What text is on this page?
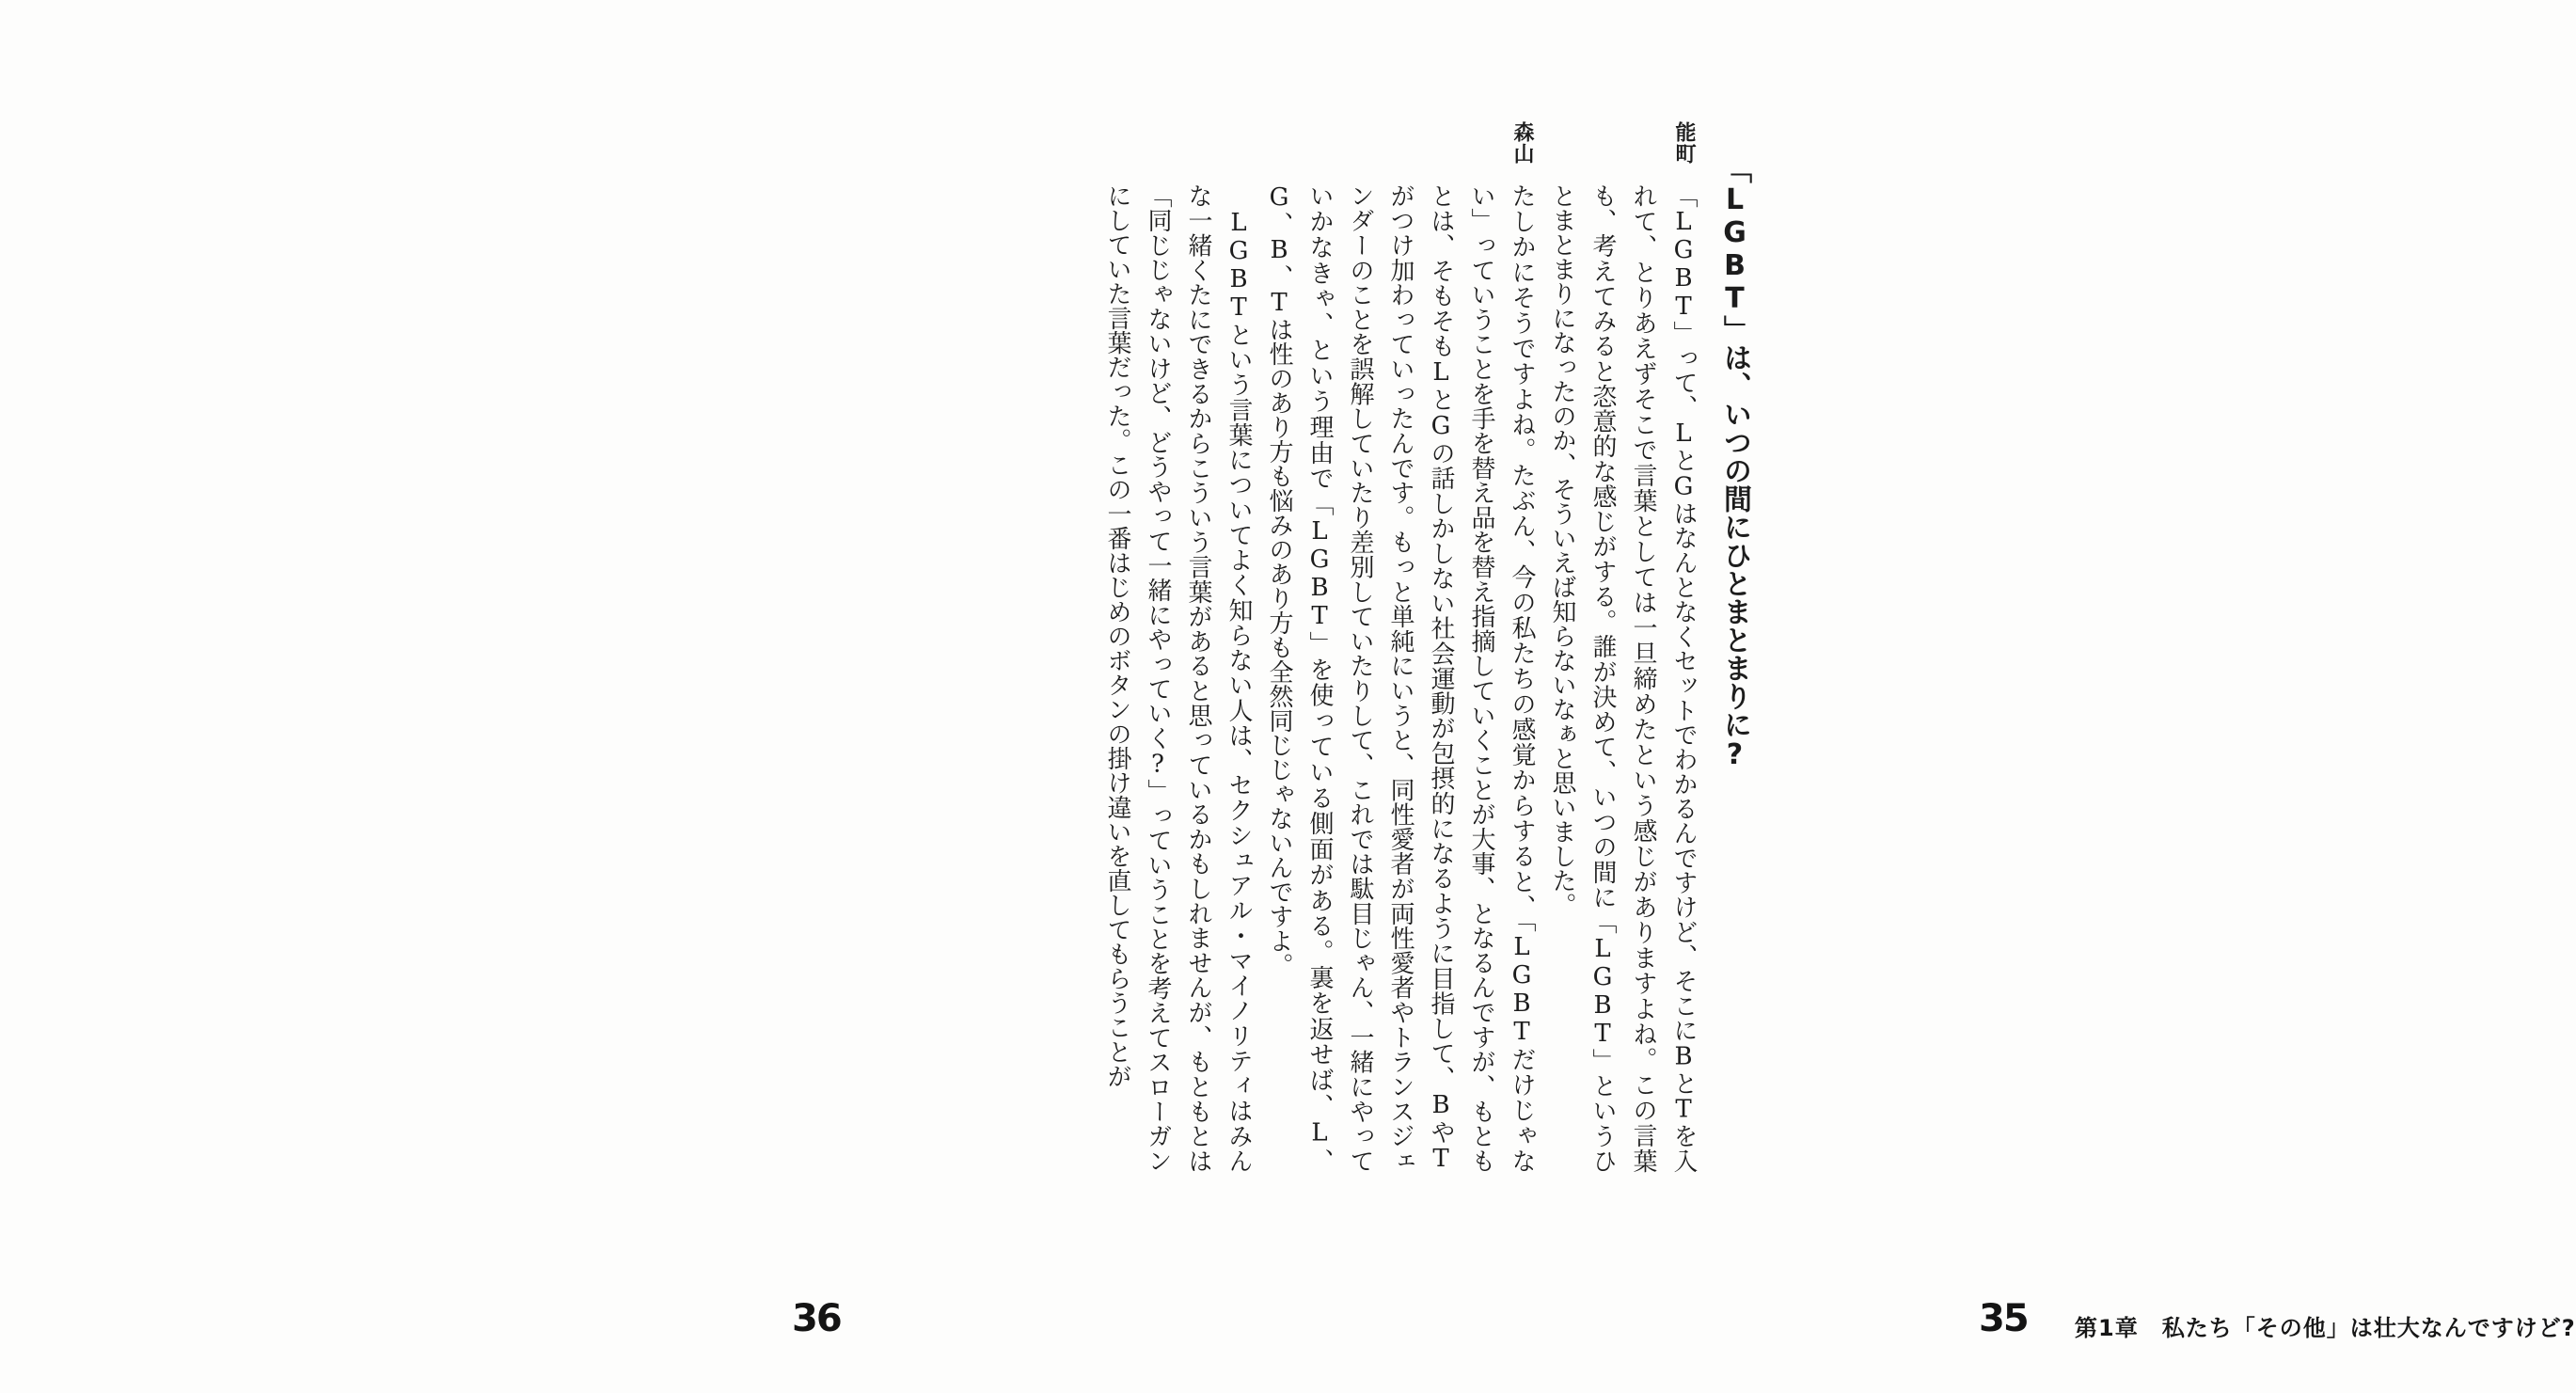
「LGBT」は、いつの間にひとまとまりに?
能町

「LGBT」って、LとGはなんとなくセットでわかるんですけど、そこにBとTを入れて、とりあえずそこで言葉としては一旦締めたという感じがありますよね。この言葉も、考えてみると恣意的な感じがする。誰が決めて、いつの間に「LGBT」というひとまとまりになったのか、そういえば知らないなぁと思いました。

森山

たしかにそうですよね。たぶん、今の私たちの感覚からすると、「LGBTだけじゃない」っていうことを手を替え品を替え指摘していくことが大事、となるんですが、もともとは、そもそもLとGの話しかしない社会運動が包摂的になるように目指して、BやTがつけ加わっていったんです。もっと単純にいうと、同性愛者が両性愛者やトランスジェンダーのことを誤解していたり差別していたりして、これでは駄目じゃん、一緒にやっていかなきゃ、という理由で「LGBT」を使っている側面がある。裏を返せば、L、G、B、Tは性のあり方も悩みのあり方も全然同じじゃないんですよ。

LGBTという言葉についてよく知らない人は、セクシュアル・マイノリティはみんな一緒くたにできるからこういう言葉があると思っているかもしれませんが、もともとは「同じじゃないけど、どうやって一緒にやっていく?」っていうことを考えてスローガンにしていた言葉だった。この一番はじめのボタンの掛け違いを直してもらうことが

35 第1章　私たち「その他」は壮大なんですけど?

36
